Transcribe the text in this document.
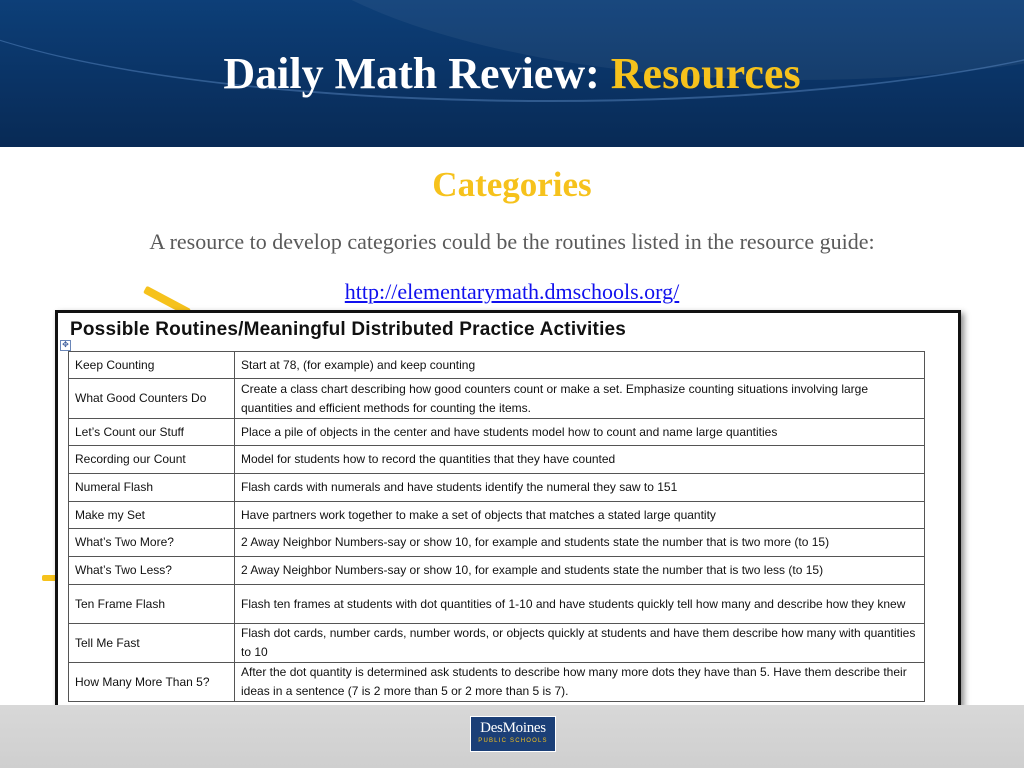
Daily Math Review: Resources
Categories
A resource to develop categories could be the routines listed in the resource guide:
http://elementarymath.dmschools.org/
Possible Routines/Meaningful Distributed Practice Activities
✥
Keep Counting	Start at 78, (for example) and keep counting
What Good Counters Do	Create a class chart describing how good counters count or make a set. Emphasize counting situations involving large quantities and efficient methods for counting the items.
Let’s Count our Stuff	Place a pile of objects in the center and have students model how to count and name large quantities
Recording our Count	Model for students how to record the quantities that they have counted
Numeral Flash	Flash cards with numerals and have students identify the numeral they saw to 151
Make my Set	Have partners work together to make a set of objects that matches a stated large quantity
What’s Two More?	2 Away Neighbor Numbers-say or show 10, for example and students state the number that is two more (to 15)
What’s Two Less?	2 Away Neighbor Numbers-say or show 10, for example and students state the number that is two less (to 15)
Ten Frame Flash	Flash ten frames at students with dot quantities of 1-10 and have students quickly tell how many and describe how they knew
Tell Me Fast	Flash dot cards, number cards, number words, or objects quickly at students and have them describe how many with quantities to 10
How Many More Than 5?	After the dot quantity is determined ask students to describe how many more dots they have than 5. Have them describe their ideas in a sentence (7 is 2 more than 5 or 2 more than 5 is 7).
DesMoines
PUBLIC SCHOOLS
